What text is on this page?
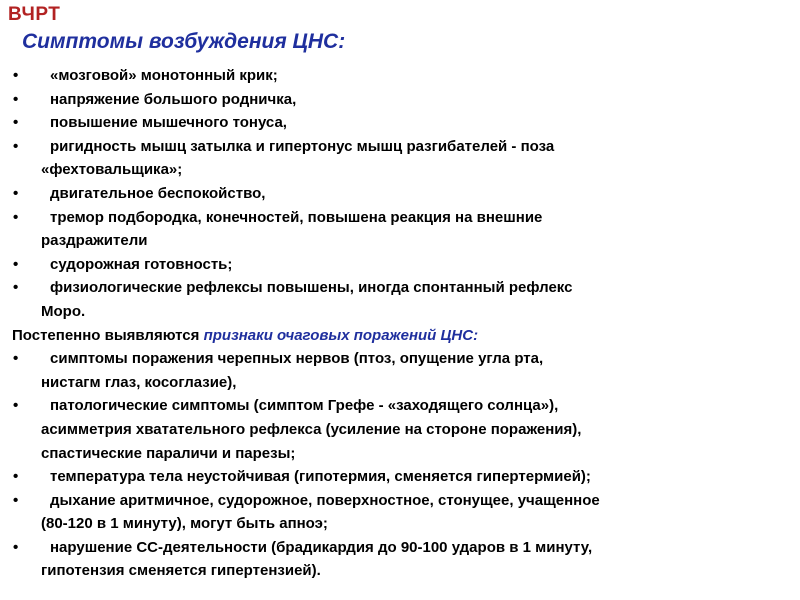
ВЧРТ
Симптомы возбуждения ЦНС:
• «мозговой» монотонный крик;
• напряжение большого родничка,
• повышение мышечного тонуса,
• ригидность мышц затылка и гипертонус мышц разгибателей - поза
«фехтовальщика»;
• двигательное беспокойство,
• тремор подбородка, конечностей, повышена реакция на внешние
раздражители
• судорожная готовность;
• физиологические рефлексы повышены, иногда спонтанный рефлекс
Моро.

Постепенно выявляются признаки очаговых поражений ЦНС:

• симптомы поражения черепных нервов (птоз, опущение угла рта,
нистагм глаз, косоглазие),
• патологические симптомы (симптом Грефе - «заходящего солнца»),
асимметрия хватательного рефлекса (усиление на стороне поражения),
спастические параличи и парезы;
• температура тела неустойчивая (гипотермия, сменяется гипертермией);
• дыхание аритмичное, судорожное, поверхностное, стонущее, учащенное
(80-120 в 1 минуту), могут быть апноэ;
• нарушение СС-деятельности (брадикардия до 90-100 ударов в 1 минуту,
гипотензия сменяется гипертензией).
